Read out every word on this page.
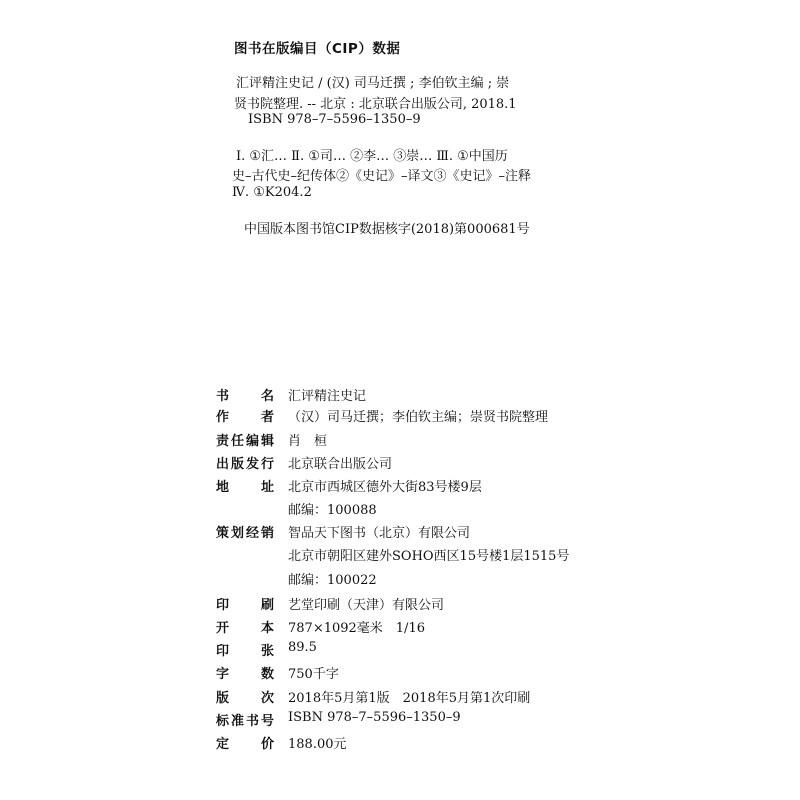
图书在版编目（CIP）数据
汇评精注史记 / (汉) 司马迁撰 ; 李伯钦主编 ; 崇
贤书院整理. -- 北京 : 北京联合出版公司, 2018.1
ISBN 978–7–5596–1350–9
Ⅰ. ①汇… Ⅱ. ①司… ②李… ③崇… Ⅲ. ①中国历
史–古代史–纪传体②《史记》–译文③《史记》–注释
Ⅳ. ①K204.2
中国版本图书馆CIP数据核字(2018)第000681号
书名 汇评精注史记
作者 （汉）司马迁撰；李伯钦主编；崇贤书院整理
责任编辑 肖　桓
出版发行 北京联合出版公司
地址 北京市西城区德外大街83号楼9层
邮编：100088
策划经销 智品天下图书（北京）有限公司
北京市朝阳区建外SOHO西区15号楼1层1515号
邮编：100022
印刷 艺堂印刷（天津）有限公司
开本 787×1092毫米　1/16
印张 89.5
字数 750千字
版次 2018年5月第1版　2018年5月第1次印刷
标准书号 ISBN 978–7–5596–1350–9
定价 188.00元
